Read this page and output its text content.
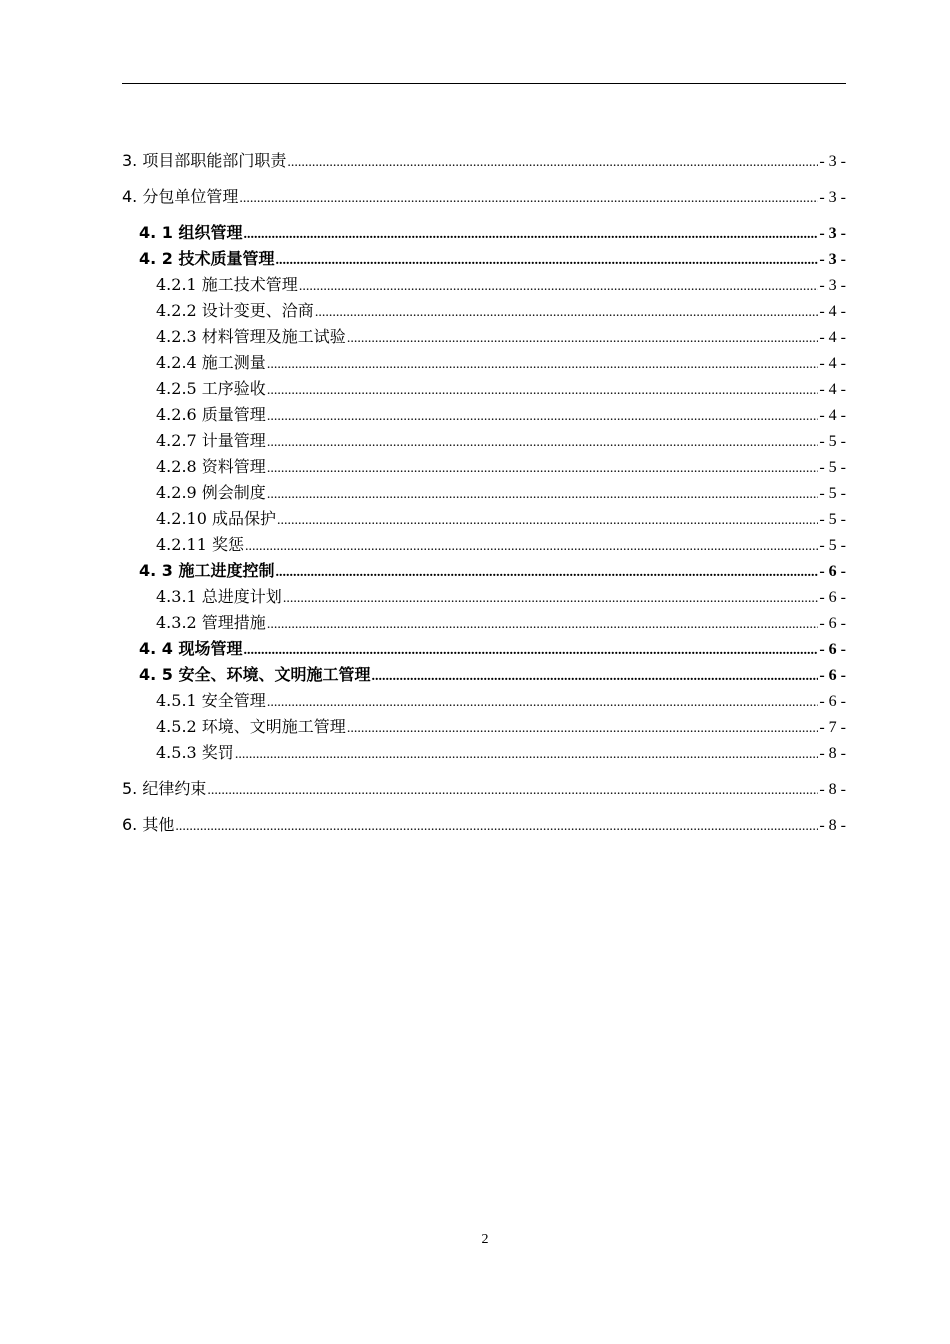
3. 项目部职能部门职责 .....	- 3 -
4. 分包单位管理 .....	- 3 -
4. 1 组织管理 .....	- 3 -
4. 2 技术质量管理 .....	- 3 -
4.2.1 施工技术管理 .....	- 3 -
4.2.2 设计变更、洽商 .....	- 4 -
4.2.3 材料管理及施工试验 .....	- 4 -
4.2.4 施工测量 .....	- 4 -
4.2.5 工序验收 .....	- 4 -
4.2.6 质量管理 .....	- 4 -
4.2.7 计量管理 .....	- 5 -
4.2.8 资料管理 .....	- 5 -
4.2.9 例会制度 .....	- 5 -
4.2.10 成品保护 .....	- 5 -
4.2.11 奖惩 .....	- 5 -
4. 3 施工进度控制 .....	- 6 -
4.3.1 总进度计划 .....	- 6 -
4.3.2 管理措施 .....	- 6 -
4. 4 现场管理 .....	- 6 -
4. 5 安全、环境、文明施工管理 .....	- 6 -
4.5.1 安全管理 .....	- 6 -
4.5.2 环境、文明施工管理 .....	- 7 -
4.5.3 奖罚 .....	- 8 -
5. 纪律约束 .....	- 8 -
6. 其他 .....	- 8 -
2
